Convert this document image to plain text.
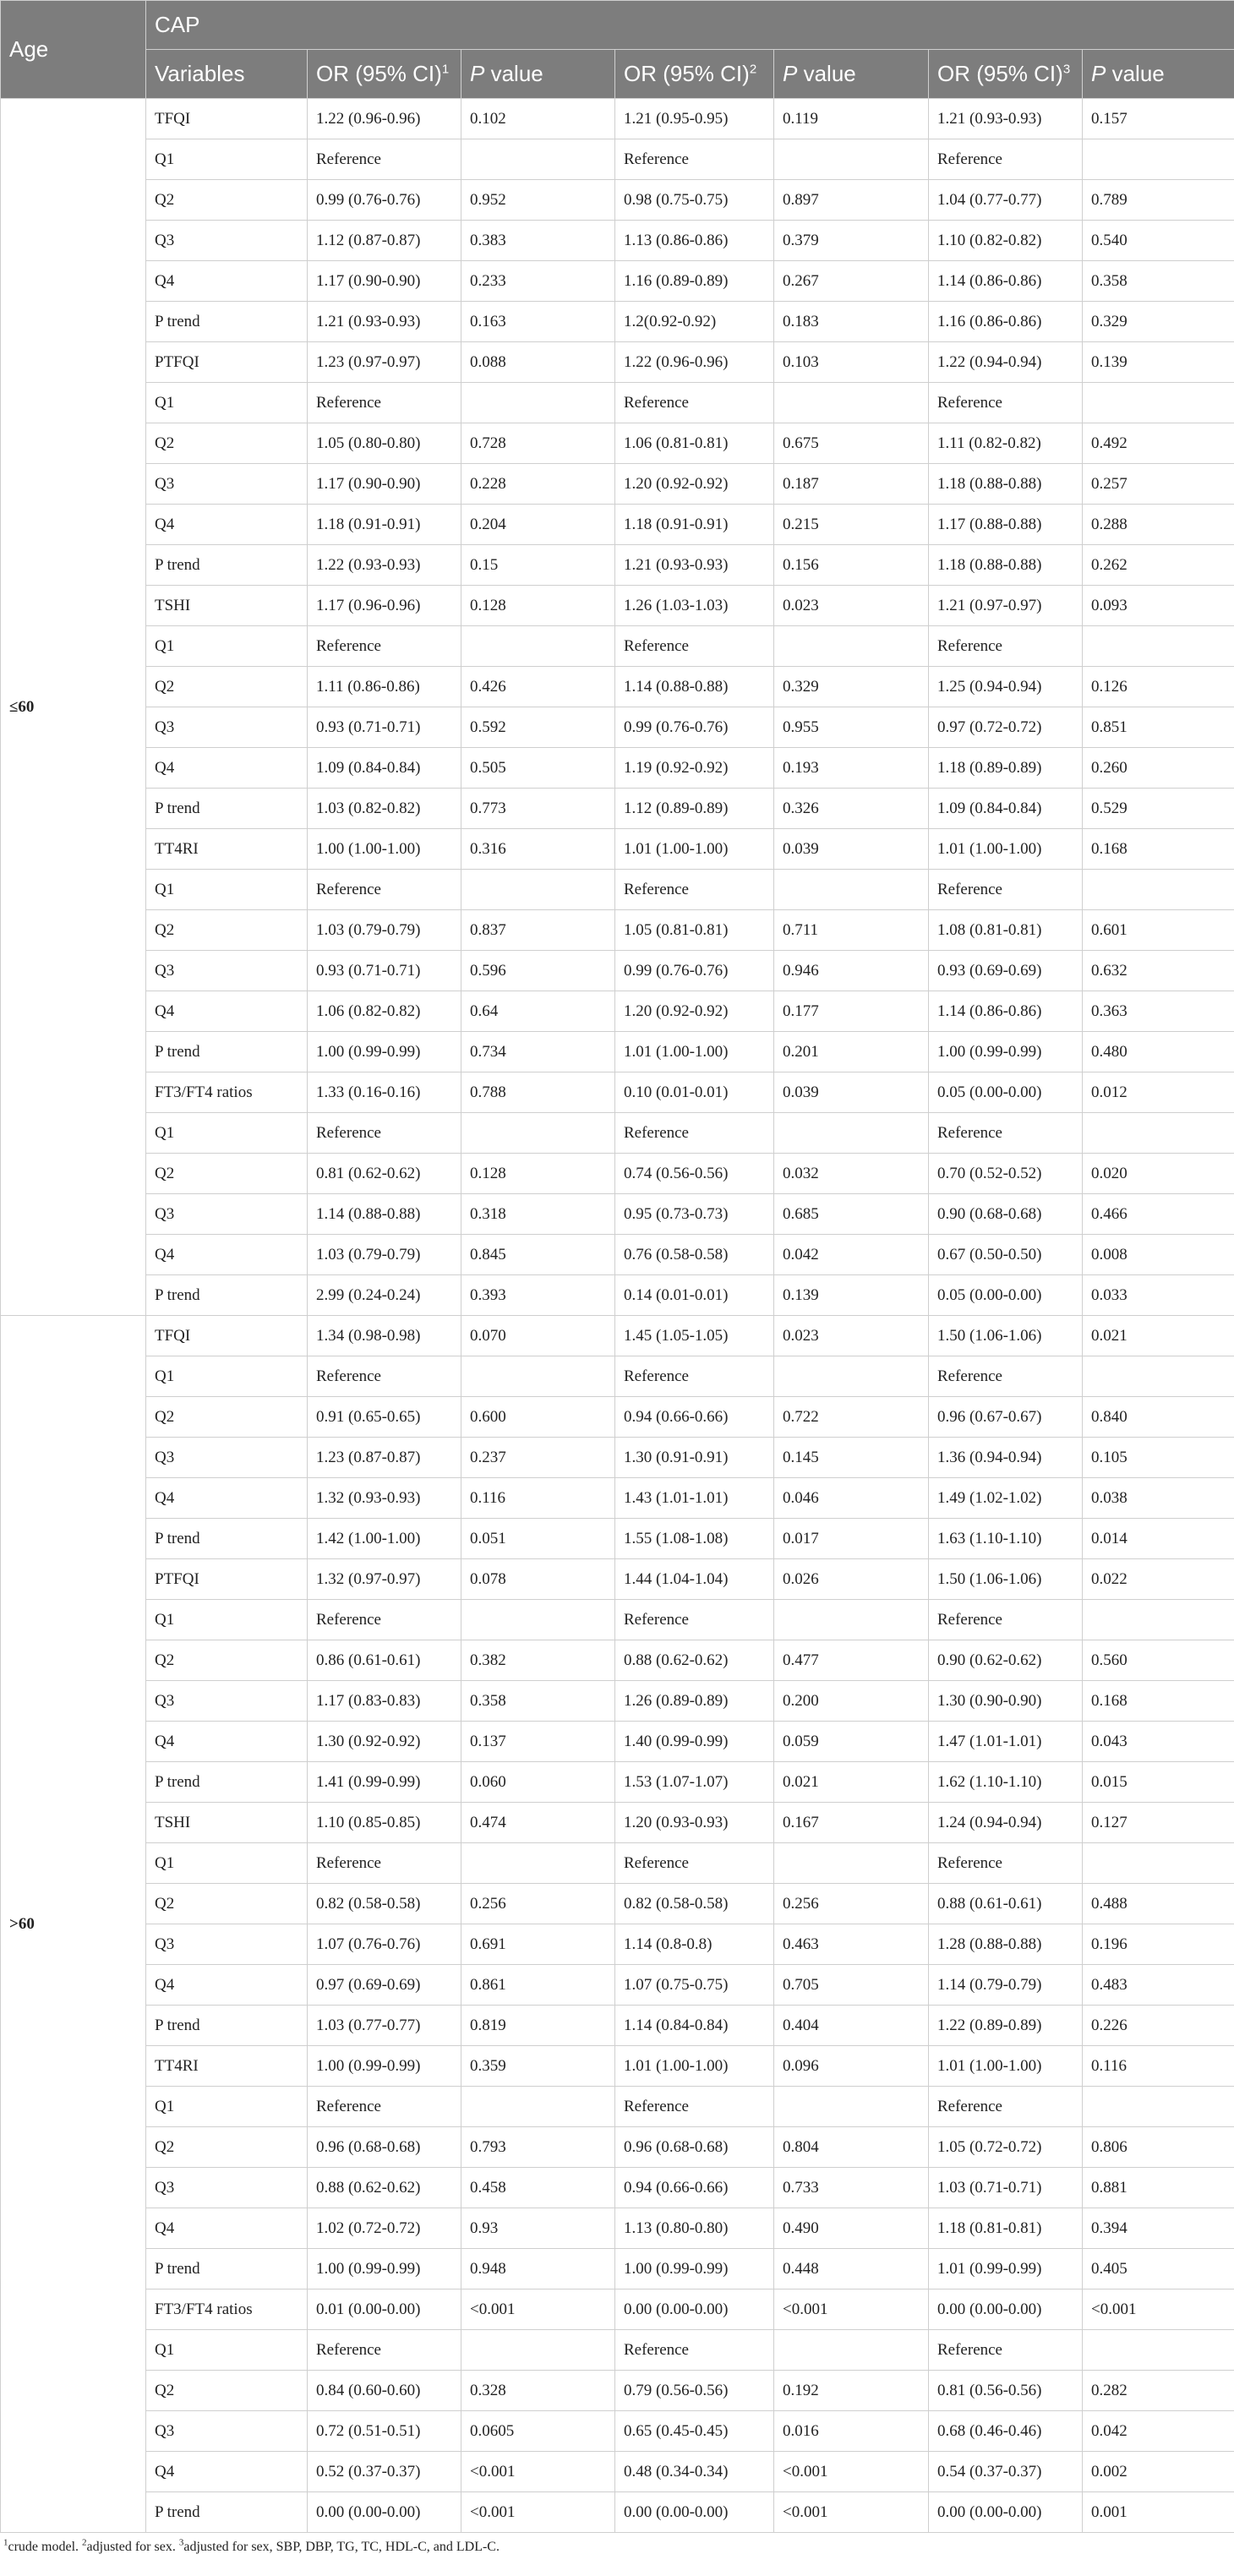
Age	CAP						
	Variables	OR (95% CI)$^1$	P value	OR (95% CI)$^2$	P value	OR (95% CI)$^3$	P value
≤60	TFQI	1.22 (0.96-0.96)	0.102	1.21 (0.95-0.95)	0.119	1.21 (0.93-0.93)	0.157
	Q1	Reference		Reference		Reference	
	Q2	0.99 (0.76-0.76)	0.952	0.98 (0.75-0.75)	0.897	1.04 (0.77-0.77)	0.789
	Q3	1.12 (0.87-0.87)	0.383	1.13 (0.86-0.86)	0.379	1.10 (0.82-0.82)	0.540
	Q4	1.17 (0.90-0.90)	0.233	1.16 (0.89-0.89)	0.267	1.14 (0.86-0.86)	0.358
	P trend	1.21 (0.93-0.93)	0.163	1.2(0.92-0.92)	0.183	1.16 (0.86-0.86)	0.329
	PTFQI	1.23 (0.97-0.97)	0.088	1.22 (0.96-0.96)	0.103	1.22 (0.94-0.94)	0.139
	Q1	Reference		Reference		Reference	
	Q2	1.05 (0.80-0.80)	0.728	1.06 (0.81-0.81)	0.675	1.11 (0.82-0.82)	0.492
	Q3	1.17 (0.90-0.90)	0.228	1.20 (0.92-0.92)	0.187	1.18 (0.88-0.88)	0.257
	Q4	1.18 (0.91-0.91)	0.204	1.18 (0.91-0.91)	0.215	1.17 (0.88-0.88)	0.288
	P trend	1.22 (0.93-0.93)	0.15	1.21 (0.93-0.93)	0.156	1.18 (0.88-0.88)	0.262
	TSHI	1.17 (0.96-0.96)	0.128	1.26 (1.03-1.03)	0.023	1.21 (0.97-0.97)	0.093
	Q1	Reference		Reference		Reference	
	Q2	1.11 (0.86-0.86)	0.426	1.14 (0.88-0.88)	0.329	1.25 (0.94-0.94)	0.126
	Q3	0.93 (0.71-0.71)	0.592	0.99 (0.76-0.76)	0.955	0.97 (0.72-0.72)	0.851
	Q4	1.09 (0.84-0.84)	0.505	1.19 (0.92-0.92)	0.193	1.18 (0.89-0.89)	0.260
	P trend	1.03 (0.82-0.82)	0.773	1.12 (0.89-0.89)	0.326	1.09 (0.84-0.84)	0.529
	TT4RI	1.00 (1.00-1.00)	0.316	1.01 (1.00-1.00)	0.039	1.01 (1.00-1.00)	0.168
	Q1	Reference		Reference		Reference	
	Q2	1.03 (0.79-0.79)	0.837	1.05 (0.81-0.81)	0.711	1.08 (0.81-0.81)	0.601
	Q3	0.93 (0.71-0.71)	0.596	0.99 (0.76-0.76)	0.946	0.93 (0.69-0.69)	0.632
	Q4	1.06 (0.82-0.82)	0.64	1.20 (0.92-0.92)	0.177	1.14 (0.86-0.86)	0.363
	P trend	1.00 (0.99-0.99)	0.734	1.01 (1.00-1.00)	0.201	1.00 (0.99-0.99)	0.480
	FT3/FT4 ratios	1.33 (0.16-0.16)	0.788	0.10 (0.01-0.01)	0.039	0.05 (0.00-0.00)	0.012
	Q1	Reference		Reference		Reference	
	Q2	0.81 (0.62-0.62)	0.128	0.74 (0.56-0.56)	0.032	0.70 (0.52-0.52)	0.020
	Q3	1.14 (0.88-0.88)	0.318	0.95 (0.73-0.73)	0.685	0.90 (0.68-0.68)	0.466
	Q4	1.03 (0.79-0.79)	0.845	0.76 (0.58-0.58)	0.042	0.67 (0.50-0.50)	0.008
	P trend	2.99 (0.24-0.24)	0.393	0.14 (0.01-0.01)	0.139	0.05 (0.00-0.00)	0.033
>60	TFQI	1.34 (0.98-0.98)	0.070	1.45 (1.05-1.05)	0.023	1.50 (1.06-1.06)	0.021
	Q1	Reference		Reference		Reference	
	Q2	0.91 (0.65-0.65)	0.600	0.94 (0.66-0.66)	0.722	0.96 (0.67-0.67)	0.840
	Q3	1.23 (0.87-0.87)	0.237	1.30 (0.91-0.91)	0.145	1.36 (0.94-0.94)	0.105
	Q4	1.32 (0.93-0.93)	0.116	1.43 (1.01-1.01)	0.046	1.49 (1.02-1.02)	0.038
	P trend	1.42 (1.00-1.00)	0.051	1.55 (1.08-1.08)	0.017	1.63 (1.10-1.10)	0.014
	PTFQI	1.32 (0.97-0.97)	0.078	1.44 (1.04-1.04)	0.026	1.50 (1.06-1.06)	0.022
	Q1	Reference		Reference		Reference	
	Q2	0.86 (0.61-0.61)	0.382	0.88 (0.62-0.62)	0.477	0.90 (0.62-0.62)	0.560
	Q3	1.17 (0.83-0.83)	0.358	1.26 (0.89-0.89)	0.200	1.30 (0.90-0.90)	0.168
	Q4	1.30 (0.92-0.92)	0.137	1.40 (0.99-0.99)	0.059	1.47 (1.01-1.01)	0.043
	P trend	1.41 (0.99-0.99)	0.060	1.53 (1.07-1.07)	0.021	1.62 (1.10-1.10)	0.015
	TSHI	1.10 (0.85-0.85)	0.474	1.20 (0.93-0.93)	0.167	1.24 (0.94-0.94)	0.127
	Q1	Reference		Reference		Reference	
	Q2	0.82 (0.58-0.58)	0.256	0.82 (0.58-0.58)	0.256	0.88 (0.61-0.61)	0.488
	Q3	1.07 (0.76-0.76)	0.691	1.14 (0.8-0.8)	0.463	1.28 (0.88-0.88)	0.196
	Q4	0.97 (0.69-0.69)	0.861	1.07 (0.75-0.75)	0.705	1.14 (0.79-0.79)	0.483
	P trend	1.03 (0.77-0.77)	0.819	1.14 (0.84-0.84)	0.404	1.22 (0.89-0.89)	0.226
	TT4RI	1.00 (0.99-0.99)	0.359	1.01 (1.00-1.00)	0.096	1.01 (1.00-1.00)	0.116
	Q1	Reference		Reference		Reference	
	Q2	0.96 (0.68-0.68)	0.793	0.96 (0.68-0.68)	0.804	1.05 (0.72-0.72)	0.806
	Q3	0.88 (0.62-0.62)	0.458	0.94 (0.66-0.66)	0.733	1.03 (0.71-0.71)	0.881
	Q4	1.02 (0.72-0.72)	0.93	1.13 (0.80-0.80)	0.490	1.18 (0.81-0.81)	0.394
	P trend	1.00 (0.99-0.99)	0.948	1.00 (0.99-0.99)	0.448	1.01 (0.99-0.99)	0.405
	FT3/FT4 ratios	0.01 (0.00-0.00)	<0.001	0.00 (0.00-0.00)	<0.001	0.00 (0.00-0.00)	<0.001
	Q1	Reference		Reference		Reference	
	Q2	0.84 (0.60-0.60)	0.328	0.79 (0.56-0.56)	0.192	0.81 (0.56-0.56)	0.282
	Q3	0.72 (0.51-0.51)	0.0605	0.65 (0.45-0.45)	0.016	0.68 (0.46-0.46)	0.042
	Q4	0.52 (0.37-0.37)	<0.001	0.48 (0.34-0.34)	<0.001	0.54 (0.37-0.37)	0.002
	P trend	0.00 (0.00-0.00)	<0.001	0.00 (0.00-0.00)	<0.001	0.00 (0.00-0.00)	0.001
$^1$crude model. $^2$adjusted for sex. $^3$adjusted for sex, SBP, DBP, TG, TC, HDL-C, and LDL-C.
